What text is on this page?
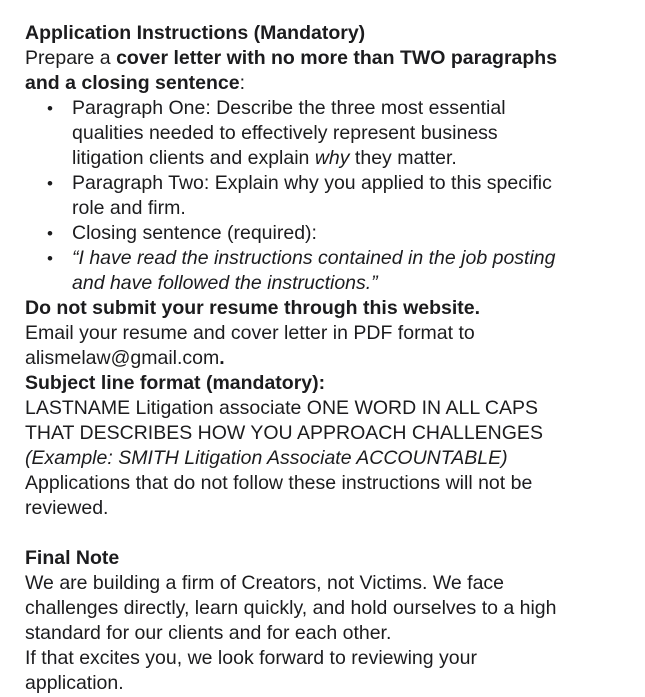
Application Instructions (Mandatory)
Prepare a cover letter with no more than TWO paragraphs
and a closing sentence:
• Paragraph One: Describe the three most essential
qualities needed to effectively represent business
litigation clients and explain why they matter.
• Paragraph Two: Explain why you applied to this specific
role and firm.
• Closing sentence (required):
• “I have read the instructions contained in the job posting
and have followed the instructions.”
Do not submit your resume through this website.
Email your resume and cover letter in PDF format to
alismelaw@gmail.com.
Subject line format (mandatory):
LASTNAME Litigation associate ONE WORD IN ALL CAPS
THAT DESCRIBES HOW YOU APPROACH CHALLENGES
(Example: SMITH Litigation Associate ACCOUNTABLE)
Applications that do not follow these instructions will not be
reviewed.
Final Note
We are building a firm of Creators, not Victims. We face
challenges directly, learn quickly, and hold ourselves to a high
standard for our clients and for each other.
If that excites you, we look forward to reviewing your
application.
